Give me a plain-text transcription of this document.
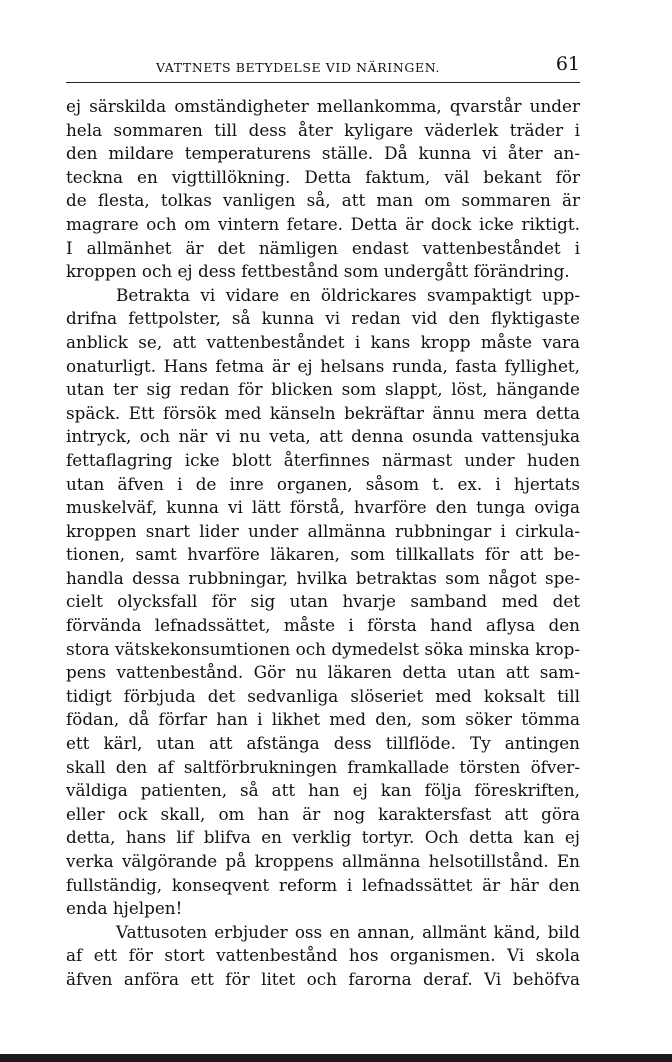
VATTNETS BETYDELSE VID NÄRINGEN.	61
ej särskilda omständigheter mellankomma, qvarstår under
hela sommaren till dess åter kyligare väderlek träder i
den mildare temperaturens ställe. Då kunna vi åter an-
teckna en vigttillökning. Detta faktum, väl bekant för
de flesta, tolkas vanligen så, att man om sommaren är
magrare och om vintern fetare. Detta är dock icke riktigt.
I allmänhet är det nämligen endast vattenbeståndet i
kroppen och ej dess fettbestånd som undergått förändring.
Betrakta vi vidare en öldrickares svampaktigt upp-
drifna fettpolster, så kunna vi redan vid den flyktigaste
anblick se, att vattenbeståndet i kans kropp måste vara
onaturligt. Hans fetma är ej helsans runda, fasta fyllighet,
utan ter sig redan för blicken som slappt, löst, hängande
späck. Ett försök med känseln bekräftar ännu mera detta
intryck, och när vi nu veta, att denna osunda vattensjuka
fettaflagring icke blott återfinnes närmast under huden
utan äfven i de inre organen, såsom t. ex. i hjertats
muskelväf, kunna vi lätt förstå, hvarföre den tunga oviga
kroppen snart lider under allmänna rubbningar i cirkula-
tionen, samt hvarföre läkaren, som tillkallats för att be-
handla dessa rubbningar, hvilka betraktas som något spe-
cielt olycksfall för sig utan hvarje samband med det
förvända lefnadssättet, måste i första hand aflysa den
stora vätskekonsumtionen och dymedelst söka minska krop-
pens vattenbestånd. Gör nu läkaren detta utan att sam-
tidigt förbjuda det sedvanliga slöseriet med koksalt till
födan, då förfar han i likhet med den, som söker tömma
ett kärl, utan att afstänga dess tillflöde. Ty antingen
skall den af saltförbrukningen framkallade törsten öfver-
väldiga patienten, så att han ej kan följa föreskriften,
eller ock skall, om han är nog karaktersfast att göra
detta, hans lif blifva en verklig tortyr. Och detta kan ej
verka välgörande på kroppens allmänna helsotillstånd. En
fullständig, konseqvent reform i lefnadssättet är här den
enda hjelpen!
Vattusoten erbjuder oss en annan, allmänt känd, bild
af ett för stort vattenbestånd hos organismen. Vi skola
äfven anföra ett för litet och farorna deraf. Vi behöfva
